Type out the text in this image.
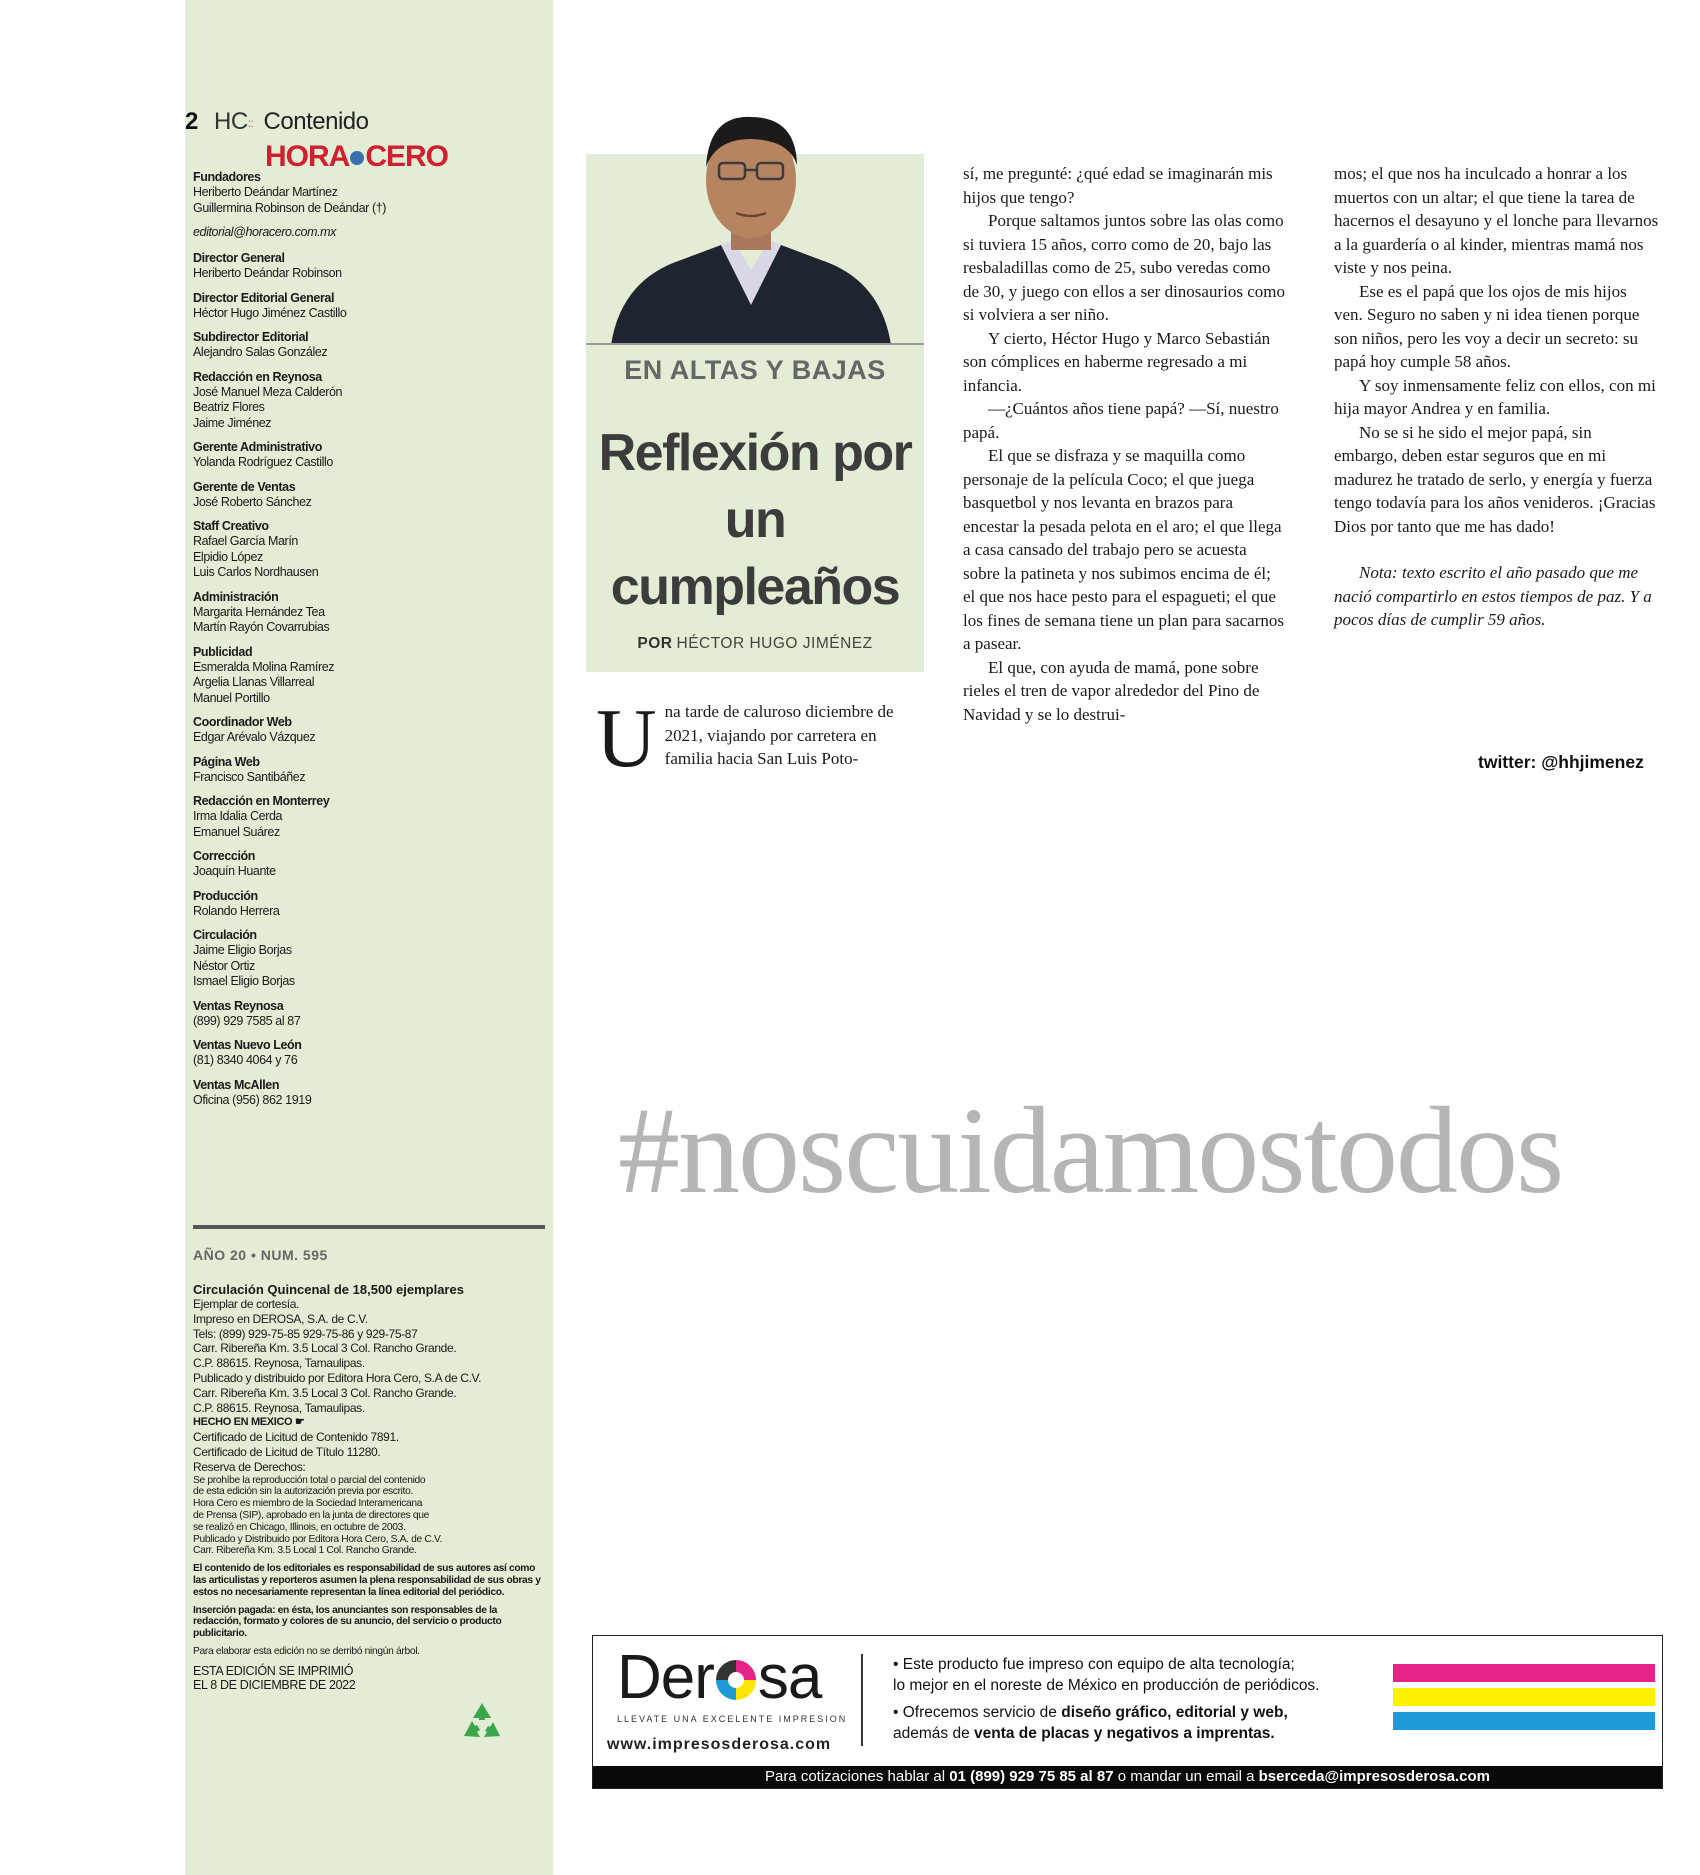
2 HC:: Contenido
HORA CERO
Fundadores
Heriberto Deándar Martínez
Guillermina Robinson de Deándar (†)
editorial@horacero.com.mx
Director General
Heriberto Deándar Robinson
Director Editorial General
Héctor Hugo Jiménez Castillo
Subdirector Editorial
Alejandro Salas González
Redacción en Reynosa
José Manuel Meza Calderón
Beatriz Flores
Jaime Jiménez
Gerente Administrativo
Yolanda Rodríguez Castillo
Gerente de Ventas
José Roberto Sánchez
Staff Creativo
Rafael García Marín
Elpidio López
Luis Carlos Nordhausen
Administración
Margarita Hernández Tea
Martín Rayón Covarrubias
Publicidad
Esmeralda Molina Ramírez
Argelia Llanas Villarreal
Manuel Portillo
Coordinador Web
Edgar Arévalo Vázquez
Página Web
Francisco Santibáñez
Redacción en Monterrey
Irma Idalia Cerda
Emanuel Suárez
Corrección
Joaquín Huante
Producción
Rolando Herrera
Circulación
Jaime Eligio Borjas
Néstor Ortiz
Ismael Eligio Borjas
Ventas Reynosa
(899) 929 7585 al 87
Ventas Nuevo León
(81) 8340 4064 y 76
Ventas McAllen
Oficina (956) 862 1919
AÑO 20 • NUM. 595
Circulación Quincenal de 18,500 ejemplares
Ejemplar de cortesía.
Impreso en DEROSA, S.A. de C.V.
Tels: (899) 929-75-85 929-75-86 y 929-75-87
Carr. Ribereña Km. 3.5 Local 3 Col. Rancho Grande.
C.P. 88615. Reynosa, Tamaulipas.
Publicado y distribuido por Editora Hora Cero, S.A de C.V.
Carr. Ribereña Km. 3.5 Local 3 Col. Rancho Grande.
C.P. 88615. Reynosa, Tamaulipas.
HECHO EN MEXICO ☛
Certificado de Licitud de Contenido 7891.
Certificado de Licitud de Título 11280.
Reserva de Derechos:
Se prohíbe la reproducción total o parcial del contenido
de esta edición sin la autorización previa por escrito.
Hora Cero es miembro de la Sociedad Interamericana
de Prensa (SIP), aprobado en la junta de directores que
se realizó en Chicago, Illinois, en octubre de 2003.
Publicado y Distribuido por Editora Hora Cero, S.A. de C.V.
Carr. Ribereña Km. 3.5 Local 1 Col. Rancho Grande.
El contenido de los editoriales es responsabilidad de sus autores así como las articulistas y reporteros asumen la plena responsabilidad de sus obras y estos no necesariamente representan la línea editorial del periódico.
Inserción pagada: en ésta, los anunciantes son responsables de la redacción, formato y colores de su anuncio, del servicio o producto publicitario.
Para elaborar esta edición no se derribó ningún árbol.
ESTA EDICIÓN SE IMPRIMIÓ
EL 8 DE DICIEMBRE DE 2022
EN ALTAS Y BAJAS
Reflexión por un cumpleaños
POR HÉCTOR HUGO JIMÉNEZ
U na tarde de caluroso diciembre de 2021, viajando por carretera en familia hacia San Luis Poto-

sí, me pregunté: ¿qué edad se imaginarán mis hijos que tengo?

Porque saltamos juntos sobre las olas como si tuviera 15 años, corro como de 20, bajo las resbaladillas como de 25, subo veredas como de 30, y juego con ellos a ser dinosaurios como si volviera a ser niño.

Y cierto, Héctor Hugo y Marco Sebastián son cómplices en haberme regresado a mi infancia.

—¿Cuántos años tiene papá? —Sí, nuestro papá.

El que se disfraza y se maquilla como personaje de la película Coco; el que juega basquetbol y nos levanta en brazos para encestar la pesada pelota en el aro; el que llega a casa cansado del trabajo pero se acuesta sobre la patineta y nos subimos encima de él; el que nos hace pesto para el espagueti; el que los fines de semana tiene un plan para sacarnos a pasear.

El que, con ayuda de mamá, pone sobre rieles el tren de vapor alrededor del Pino de Navidad y se lo destrui-

mos; el que nos ha inculcado a honrar a los muertos con un altar; el que tiene la tarea de hacernos el desayuno y el lonche para llevarnos a la guardería o al kinder, mientras mamá nos viste y nos peina.

Ese es el papá que los ojos de mis hijos ven. Seguro no saben y ni idea tienen porque son niños, pero les voy a decir un secreto: su papá hoy cumple 58 años.

Y soy inmensamente feliz con ellos, con mi hija mayor Andrea y en familia.

No se si he sido el mejor papá, sin embargo, deben estar seguros que en mi madurez he tratado de serlo, y energía y fuerza tengo todavía para los años venideros. ¡Gracias Dios por tanto que me has dado!

Nota: texto escrito el año pasado que me nació compartirlo en estos tiempos de paz. Y a pocos días de cumplir 59 años.

twitter: @hhjimenez
#noscuidamostodos
Der sa
LLEVATE UNA EXCELENTE IMPRESION
www.impresosderosa.com

• Este producto fue impreso con equipo de alta tecnología;
lo mejor en el noreste de México en producción de periódicos.

• Ofrecemos servicio de diseño gráfico, editorial y web,
además de venta de placas y negativos a imprentas.

Para cotizaciones hablar al 01 (899) 929 75 85 al 87 o mandar un email a bserceda@impresosderosa.com
